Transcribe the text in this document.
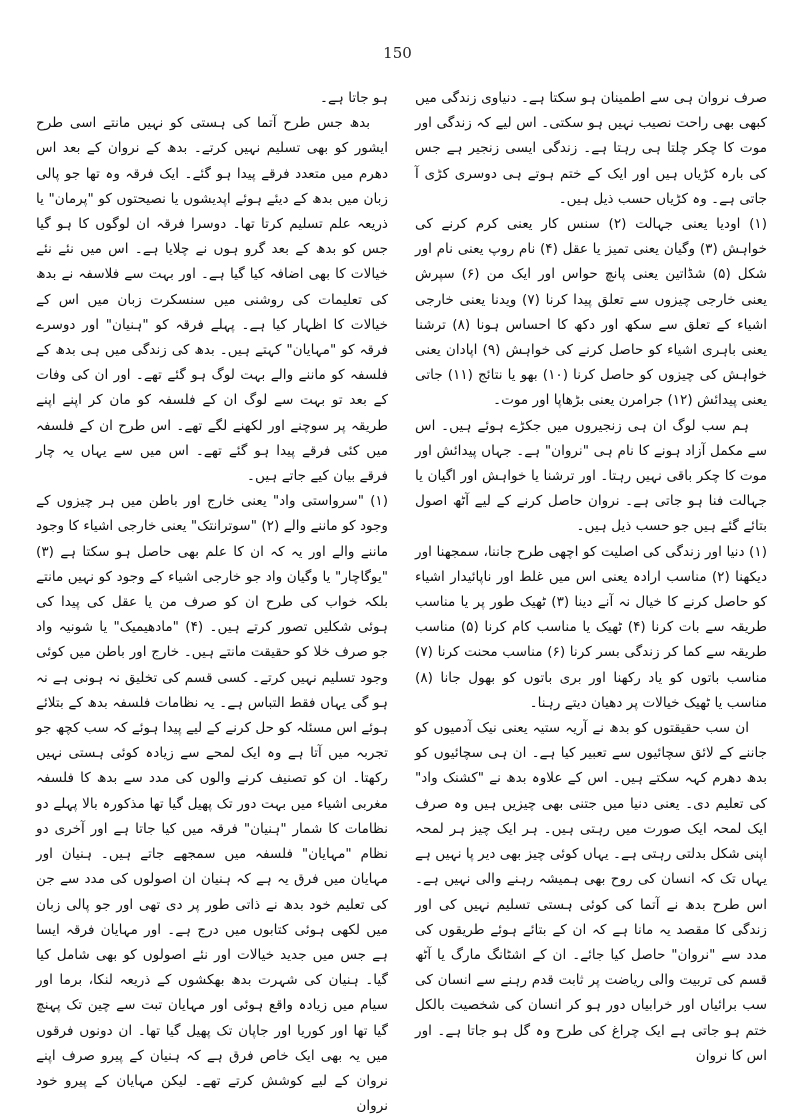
150

صرف نروان ہی سے اطمینان ہو سکتا ہے۔ دنیاوی زندگی میں کبھی بھی راحت نصیب نہیں ہو سکتی۔ اس لیے کہ زندگی اور موت کا چکر چلتا ہی رہتا ہے۔ زندگی ایسی زنجیر ہے جس کی بارہ کڑیاں ہیں اور ایک کے ختم ہوتے ہی دوسری کڑی آ جاتی ہے۔ وہ کڑیاں حسب ذیل ہیں۔

(۱) اودیا یعنی جہالت (۲) سنس کار یعنی کرم کرنے کی خواہش (۳) وگیان یعنی تمیز یا عقل (۴) نام روپ یعنی نام اور شکل (۵) شڈاتین یعنی پانچ حواس اور ایک من (۶) سپرش یعنی خارجی چیزوں سے تعلق پیدا کرنا (۷) ویدنا یعنی خارجی اشیاء کے تعلق سے سکھ اور دکھ کا احساس ہونا (۸) ترشنا یعنی باہری اشیاء کو حاصل کرنے کی خواہش (۹) اپادان یعنی خواہش کی چیزوں کو حاصل کرنا (۱۰) بھو یا نتائج (۱۱) جاتی یعنی پیدائش (۱۲) جرامرن یعنی بڑھاپا اور موت۔

ہم سب لوگ ان ہی زنجیروں میں جکڑے ہوئے ہیں۔ اس سے مکمل آزاد ہونے کا نام ہی "نروان" ہے۔ جہاں پیدائش اور موت کا چکر باقی نہیں رہتا۔ اور ترشنا یا خواہش اور اگیان یا جہالت فنا ہو جاتی ہے۔ نروان حاصل کرنے کے لیے آٹھ اصول بتائے گئے ہیں جو حسب ذیل ہیں۔

(۱) دنیا اور زندگی کی اصلیت کو اچھی طرح جاننا، سمجھنا اور دیکھنا (۲) مناسب ارادہ یعنی اس میں غلط اور ناپائیدار اشیاء کو حاصل کرنے کا خیال نہ آنے دینا (۳) ٹھیک طور پر یا مناسب طریقہ سے بات کرنا (۴) ٹھیک یا مناسب کام کرنا (۵) مناسب طریقہ سے کما کر زندگی بسر کرنا (۶) مناسب محنت کرنا (۷) مناسب باتوں کو یاد رکھنا اور بری باتوں کو بھول جانا (۸) مناسب یا ٹھیک خیالات پر دھیان دیتے رہنا۔

ان سب حقیقتوں کو بدھ نے آریہ ستیہ یعنی نیک آدمیوں کو جاننے کے لائق سچائیوں سے تعبیر کیا ہے۔ ان ہی سچائیوں کو بدھ دھرم کہہ سکتے ہیں۔ اس کے علاوہ بدھ نے "کشنک واد" کی تعلیم دی۔ یعنی دنیا میں جتنی بھی چیزیں ہیں وہ صرف ایک لمحہ ایک صورت میں رہتی ہیں۔ ہر ایک چیز ہر لمحہ اپنی شکل بدلتی رہتی ہے۔ یہاں کوئی چیز بھی دیر پا نہیں ہے یہاں تک کہ انسان کی روح بھی ہمیشہ رہنے والی نہیں ہے۔ اس طرح بدھ نے آتما کی کوئی ہستی تسلیم نہیں کی اور زندگی کا مقصد یہ مانا ہے کہ ان کے بتائے ہوئے طریقوں کی مدد سے "نروان" حاصل کیا جائے۔ ان کے اشٹانگ مارگ یا آٹھ قسم کی تربیت والی ریاضت پر ثابت قدم رہنے سے انسان کی سب برائیاں اور خرابیاں دور ہو کر انسان کی شخصیت بالکل ختم ہو جاتی ہے ایک چراغ کی طرح وہ گل ہو جاتا ہے۔ اور اس کا نروان

ہو جاتا ہے۔

بدھ جس طرح آتما کی ہستی کو نہیں مانتے اسی طرح ایشور کو بھی تسلیم نہیں کرتے۔ بدھ کے نروان کے بعد اس دھرم میں متعدد فرقے پیدا ہو گئے۔ ایک فرقہ وہ تھا جو پالی زبان میں بدھ کے دیئے ہوئے اپدیشوں یا نصیحتوں کو "پرمان" یا ذریعہ علم تسلیم کرتا تھا۔ دوسرا فرقہ ان لوگوں کا ہو گیا جس کو بدھ کے بعد گرو ہوں نے چلایا ہے۔ اس میں نئے نئے خیالات کا بھی اضافہ کیا گیا ہے۔ اور بہت سے فلاسفہ نے بدھ کی تعلیمات کی روشنی میں سنسکرت زبان میں اس کے خیالات کا اظہار کیا ہے۔ پہلے فرقہ کو "ہنیان" اور دوسرے فرقہ کو "مہایان" کہتے ہیں۔ بدھ کی زندگی میں ہی بدھ کے فلسفہ کو ماننے والے بہت لوگ ہو گئے تھے۔ اور ان کی وفات کے بعد تو بہت سے لوگ ان کے فلسفہ کو مان کر اپنے اپنے طریقہ پر سوچنے اور لکھنے لگے تھے۔ اس طرح ان کے فلسفہ میں کئی فرقے پیدا ہو گئے تھے۔ اس میں سے یہاں یہ چار فرقے بیان کیے جاتے ہیں۔

(۱) "سرواستی واد" یعنی خارج اور باطن میں ہر چیزوں کے وجود کو ماننے والے (۲) "سوترانتک" یعنی خارجی اشیاء کا وجود ماننے والے اور یہ کہ ان کا علم بھی حاصل ہو سکتا ہے (۳) "یوگاچار" یا وگیان واد جو خارجی اشیاء کے وجود کو نہیں مانتے بلکہ خواب کی طرح ان کو صرف من یا عقل کی پیدا کی ہوئی شکلیں تصور کرتے ہیں۔ (۴) "مادھیمیک" یا شونیہ واد جو صرف خلا کو حقیقت مانتے ہیں۔ خارج اور باطن میں کوئی وجود تسلیم نہیں کرتے۔ کسی قسم کی تخلیق نہ ہونی ہے نہ ہو گی یہاں فقط التباس ہے۔ یہ نظامات فلسفہ بدھ کے بتلائے ہوئے اس مسئلہ کو حل کرنے کے لیے پیدا ہوئے کہ سب کچھ جو تجربہ میں آتا ہے وہ ایک لمحے سے زیادہ کوئی ہستی نہیں رکھتا۔ ان کو تصنیف کرنے والوں کی مدد سے بدھ کا فلسفہ مغربی اشیاء میں بہت دور تک پھیل گیا تھا مذکورہ بالا پہلے دو نظامات کا شمار "ہنیان" فرقہ میں کیا جاتا ہے اور آخری دو نظام "مہایان" فلسفہ میں سمجھے جاتے ہیں۔ ہنیان اور مہایان میں فرق یہ ہے کہ ہنیان ان اصولوں کی مدد سے جن کی تعلیم خود بدھ نے ذاتی طور پر دی تھی اور جو پالی زبان میں لکھی ہوئی کتابوں میں درج ہے۔ اور مہایان فرقہ ایسا ہے جس میں جدید خیالات اور نئے اصولوں کو بھی شامل کیا گیا۔ ہنیان کی شہرت بدھ بھکشوں کے ذریعہ لنکا، برما اور سیام میں زیادہ واقع ہوئی اور مہایان تبت سے چین تک پہنچ گیا تھا اور کوریا اور جاپان تک پھیل گیا تھا۔ ان دونوں فرقوں میں یہ بھی ایک خاص فرق ہے کہ ہنیان کے پیرو صرف اپنے نروان کے لیے کوشش کرتے تھے۔ لیکن مہایان کے پیرو خود نروان
